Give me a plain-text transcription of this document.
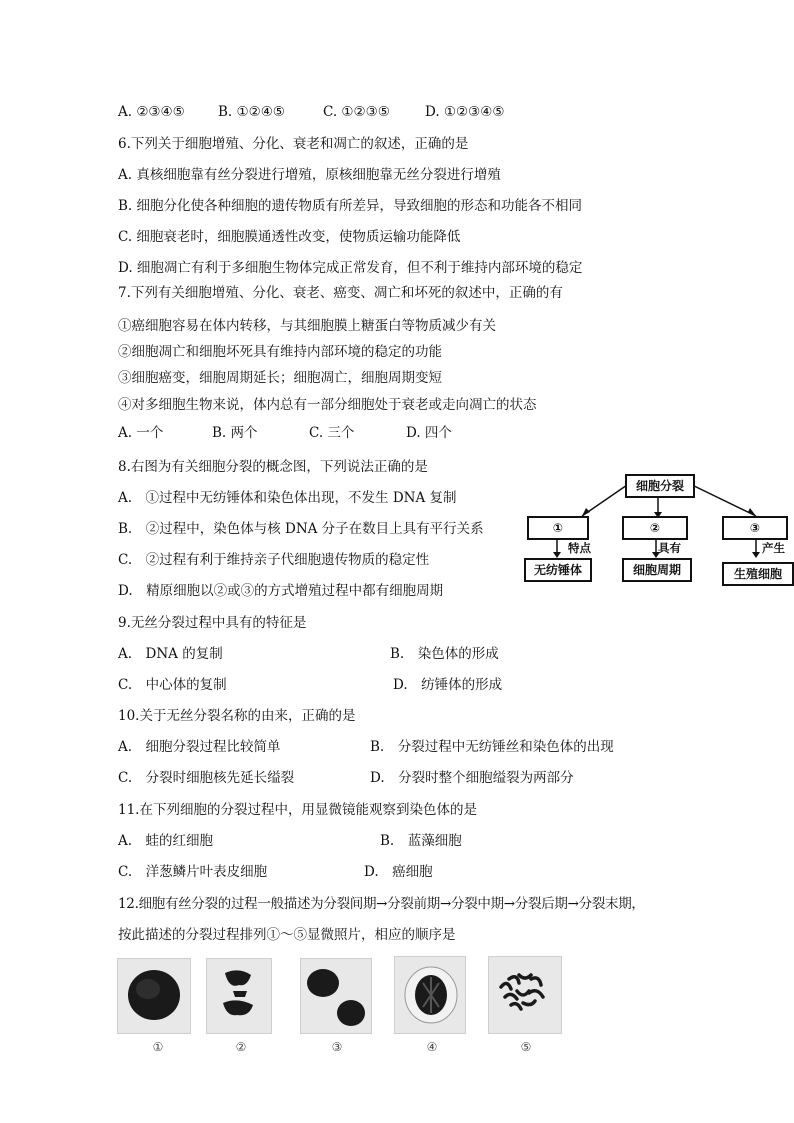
A. ②③④⑤ B. ①②④⑤	C. ①②③⑤	D. ①②③④⑤
6.下列关于细胞增殖、分化、衰老和凋亡的叙述，正确的是
A. 真核细胞靠有丝分裂进行增殖，原核细胞靠无丝分裂进行增殖
B. 细胞分化使各种细胞的遗传物质有所差异，导致细胞的形态和功能各不相同
C. 细胞衰老时，细胞膜通透性改变，使物质运输功能降低
D. 细胞凋亡有利于多细胞生物体完成正常发育，但不利于维持内部环境的稳定
7.下列有关细胞增殖、分化、衰老、癌变、凋亡和坏死的叙述中，正确的有
①癌细胞容易在体内转移，与其细胞膜上糖蛋白等物质减少有关
②细胞凋亡和细胞坏死具有维持内部环境的稳定的功能
③细胞癌变，细胞周期延长；细胞凋亡，细胞周期变短
④对多细胞生物来说，体内总有一部分细胞处于衰老或走向凋亡的状态
A. 一个	B. 两个	C. 三个	D. 四个
8.右图为有关细胞分裂的概念图，下列说法正确的是
A.　①过程中无纺锤体和染色体出现，不发生 DNA 复制
B.　②过程中，染色体与核 DNA 分子在数目上具有平行关系
C.　②过程有利于维持亲子代细胞遗传物质的稳定性
D.　精原细胞以②或③的方式增殖过程中都有细胞周期
细胞分裂
①	②	③
特点	具有	产生
无纺锤体	细胞周期	生殖细胞
9.无丝分裂过程中具有的特征是
A.　DNA 的复制	B.　染色体的形成
C.　中心体的复制	D.　纺锤体的形成
10.关于无丝分裂名称的由来，正确的是
A.　细胞分裂过程比较简单	B.　分裂过程中无纺锤丝和染色体的出现
C.　分裂时细胞核先延长缢裂	D.　分裂时整个细胞缢裂为两部分
11.在下列细胞的分裂过程中，用显微镜能观察到染色体的是
A.　蛙的红细胞	B.　蓝藻细胞
C.　洋葱鳞片叶表皮细胞	D.　癌细胞
12.细胞有丝分裂的过程一般描述为分裂间期→分裂前期→分裂中期→分裂后期→分裂末期，
按此描述的分裂过程排列①～⑤显微照片，相应的顺序是
①	②	③	④	⑤
